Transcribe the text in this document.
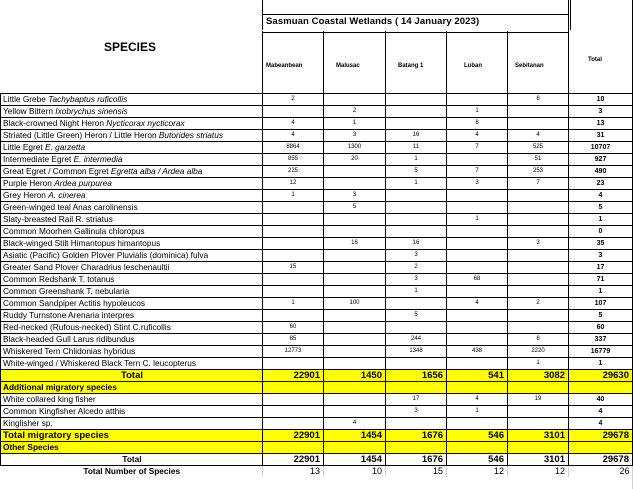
Sasmuan Coastal Wetlands ( 14 January 2023)
SPECIES
Mabeanbean	Malusac	Batang 1	Luban	Sebitanan
Total
Little Grebe Tachybaptus ruficollis	2				8	10
Yellow Bittern Ixobrychus sinensis		2		1		3
Black-crowned Night Heron Nycticorax nycticorax	4	1		8		13
Striated (Little Green) Heron / Little Heron Butorides striatus	4	3	16	4	4	31
Little Egret E. garzetta	8864	1300	11	7	525	10707
Intermediate Egret E. intermedia	855	20	1		51	927
Great Egret / Common Egret Egretta alba / Ardea alba	225		5	7	253	490
Purple Heron Ardea purpurea	12		1	3	7	23
Grey Heron A. cinerea	1	3				4
Green-winged teal Anas carolinensis		5				5
Slaty-breasted Rail R. striatus				1		1
Common Moorhen Gallinula chloropus						0
Black-winged Stilt Himantopus himantopus		16	16		3	35
Asiatic (Pacific) Golden Plover Pluvialis (dominica) fulva			3			3
Greater Sand Plover Charadrius leschenaultii	15		2			17
Common Redshank T. totanus			3	68		71
Common Greenshank T. nebularia			1			1
Common Sandpiper Actitis hypoleucos	1	100		4	2	107
Ruddy Turnstone Arenaria interpres			5			5
Red-necked (Rufous-necked) Stint C.ruficollis	60					60
Black-headed Gull Larus ridibundus	85		244		8	337
Whiskered Tern Chlidonias hybridus	12773		1348	438	2220	16779
White-winged / Whiskered Black Tern C. leucopterus					1	1
Total	22901	1450	1656	541	3082	29630
Additional migratory species						
White collared king fisher			17	4	19	40
Common Kingfisher Alcedo atthis			3	1		4
Kinglisher sp.		4				4
Total migratory species	22901	1454	1676	546	3101	29678
Other Species						
Total	22901	1454	1676	546	3101	29678
Total Number of Species	13	10	15	12	12	26
